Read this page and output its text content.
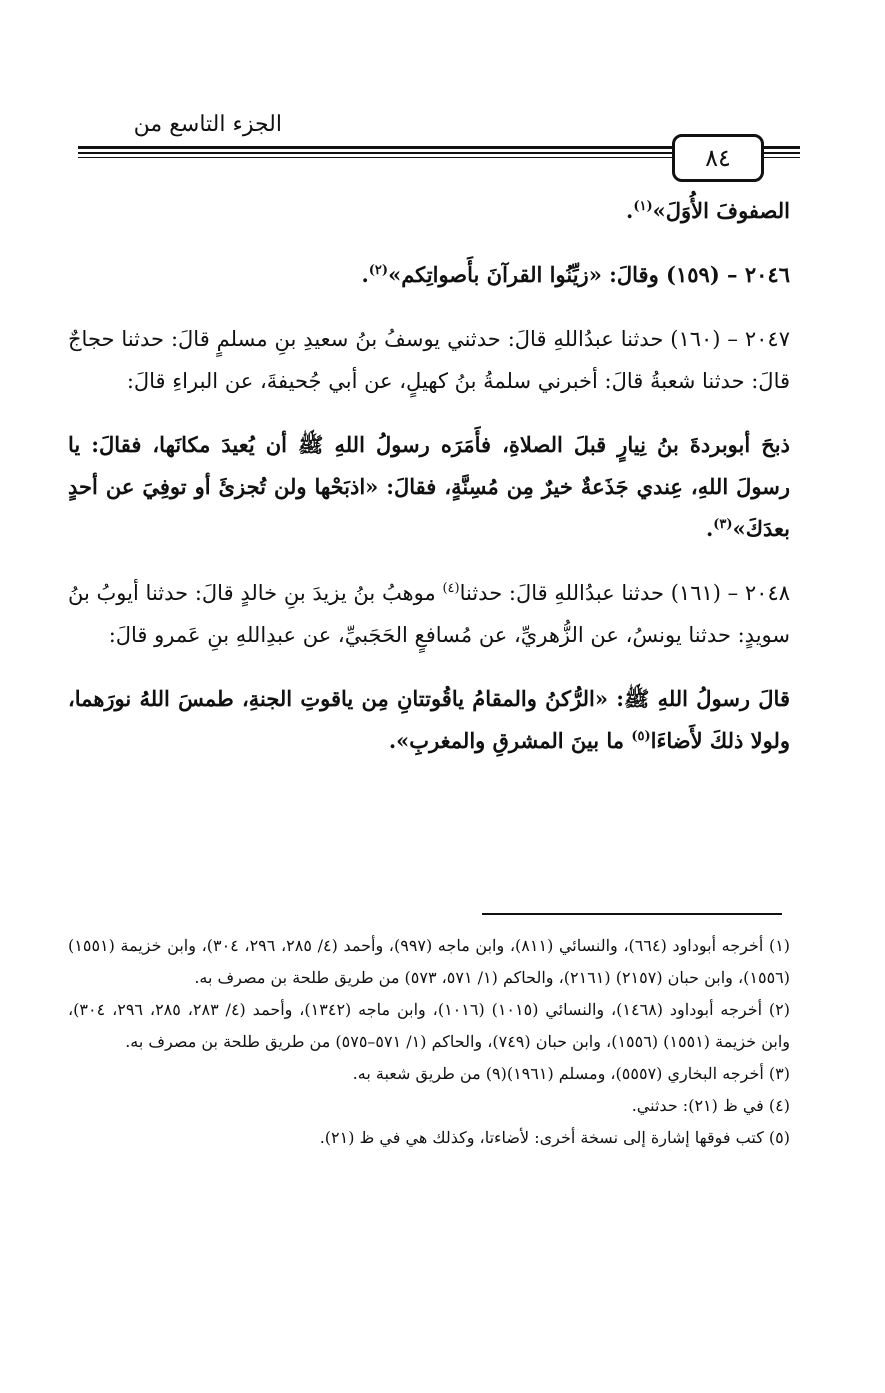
الجزء التاسع من
٨٤

الصفوفَ الأُوَلَ»$^{(١)}$.

٢٠٤٦ – (١٥٩) وقالَ: «زيِّنُوا القرآنَ بأَصواتِكم»$^{(٢)}$.

٢٠٤٧ – (١٦٠) حدثنا عبدُاللهِ قالَ: حدثني يوسفُ بنُ سعيدِ بنِ مسلمٍ قالَ: حدثنا حجاجٌ قالَ: حدثنا شعبةُ قالَ: أخبرني سلمةُ بنُ كهيلٍ، عن أبي جُحيفةَ، عن البراءِ قالَ:

ذبحَ أبوبردةَ بنُ نِيارٍ قبلَ الصلاةِ، فأَمَرَه رسولُ اللهِ ﷺ أن يُعيدَ مكانَها، فقالَ: يا رسولَ اللهِ، عِندي جَذَعةٌ خيرٌ مِن مُسِنَّةٍ، فقالَ: «اذبَحْها ولن تُجزئَ أو توفِيَ عن أحدٍ بعدَكَ»$^{(٣)}$.

٢٠٤٨ – (١٦١) حدثنا عبدُاللهِ قالَ: حدثنا$^{(٤)}$ موهبُ بنُ يزيدَ بنِ خالدٍ قالَ: حدثنا أيوبُ بنُ سويدٍ: حدثنا يونسُ، عن الزُّهريِّ، عن مُسافعٍ الحَجَبيِّ، عن عبدِاللهِ بنِ عَمرو قالَ:

قالَ رسولُ اللهِ ﷺ: «الرُّكنُ والمقامُ ياقُوتتانِ مِن ياقوتِ الجنةِ، طمسَ اللهُ نورَهما، ولولا ذلكَ لأَضاءَا$^{(٥)}$ ما بينَ المشرقِ والمغربِ».

(١) أخرجه أبوداود (٦٦٤)، والنسائي (٨١١)، وابن ماجه (٩٩٧)، وأحمد (٤/ ٢٨٥، ٢٩٦، ٣٠٤)، وابن خزيمة (١٥٥١) (١٥٥٦)، وابن حبان (٢١٥٧) (٢١٦١)، والحاكم (١/ ٥٧١، ٥٧٣) من طريق طلحة بن مصرف به.

(٢) أخرجه أبوداود (١٤٦٨)، والنسائي (١٠١٥) (١٠١٦)، وابن ماجه (١٣٤٢)، وأحمد (٤/ ٢٨٣، ٢٨٥، ٢٩٦، ٣٠٤)، وابن خزيمة (١٥٥١) (١٥٥٦)، وابن حبان (٧٤٩)، والحاكم (١/ ٥٧١–٥٧٥) من طريق طلحة بن مصرف به.

(٣) أخرجه البخاري (٥٥٥٧)، ومسلم (١٩٦١)(٩) من طريق شعبة به.

(٤) في ظ (٢١): حدثني.

(٥) كتب فوقها إشارة إلى نسخة أخرى: لأضاءتا، وكذلك هي في ظ (٢١).
